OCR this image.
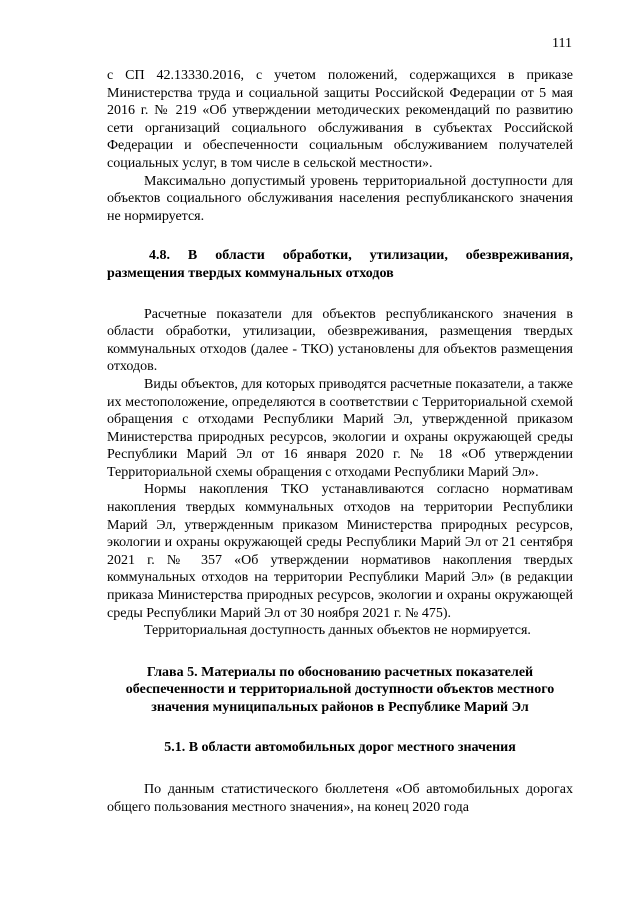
111

с СП 42.13330.2016, с учетом положений, содержащихся в приказе Министерства труда и социальной защиты Российской Федерации от 5 мая 2016 г. № 219 «Об утверждении методических рекомендаций по развитию сети организаций социального обслуживания в субъектах Российской Федерации и обеспеченности социальным обслуживанием получателей социальных услуг, в том числе в сельской местности».

Максимально допустимый уровень территориальной доступности для объектов социального обслуживания населения республиканского значения не нормируется.

4.8. В области обработки, утилизации, обезвреживания, размещения твердых коммунальных отходов

Расчетные показатели для объектов республиканского значения в области обработки, утилизации, обезвреживания, размещения твердых коммунальных отходов (далее - ТКО) установлены для объектов размещения отходов.

Виды объектов, для которых приводятся расчетные показатели, а также их местоположение, определяются в соответствии с Территориальной схемой обращения с отходами Республики Марий Эл, утвержденной приказом Министерства природных ресурсов, экологии и охраны окружающей среды Республики Марий Эл от 16 января 2020 г. № 18 «Об утверждении Территориальной схемы обращения с отходами Республики Марий Эл».

Нормы накопления ТКО устанавливаются согласно нормативам накопления твердых коммунальных отходов на территории Республики Марий Эл, утвержденным приказом Министерства природных ресурсов, экологии и охраны окружающей среды Республики Марий Эл от 21 сентября 2021 г. № 357 «Об утверждении нормативов накопления твердых коммунальных отходов на территории Республики Марий Эл» (в редакции приказа Министерства природных ресурсов, экологии и охраны окружающей среды Республики Марий Эл от 30 ноября 2021 г. № 475).

Территориальная доступность данных объектов не нормируется.

Глава 5. Материалы по обоснованию расчетных показателей обеспеченности и территориальной доступности объектов местного значения муниципальных районов в Республике Марий Эл

5.1. В области автомобильных дорог местного значения

По данным статистического бюллетеня «Об автомобильных дорогах общего пользования местного значения», на конец 2020 года
